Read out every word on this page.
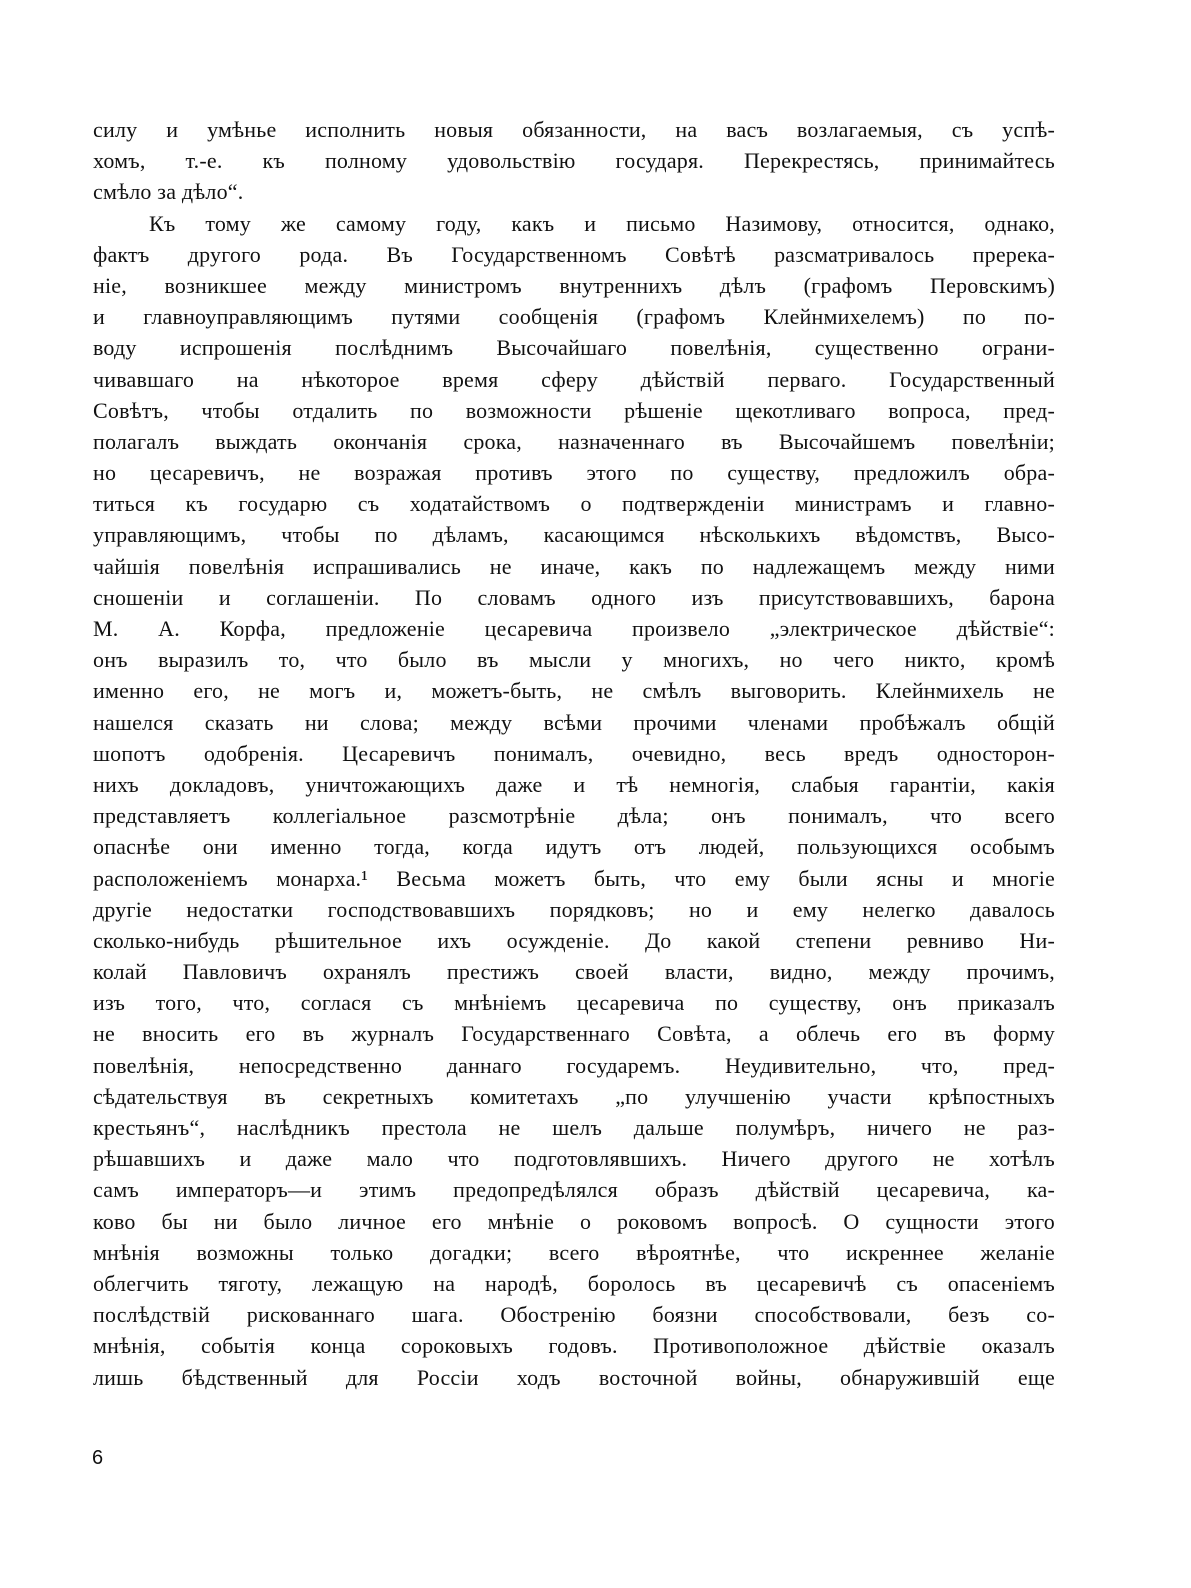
силу и умѣнье исполнить новыя обязанности, на васъ возлагаемыя, съ успѣ-
хомъ, т.-е. къ полному удовольствію государя. Перекрестясь, принимайтесь
смѣло за дѣло“.
Къ тому же самому году, какъ и письмо Назимову, относится, однако,
фактъ другого рода. Въ Государственномъ Совѣтѣ разсматривалось пререка-
ніе, возникшее между министромъ внутреннихъ дѣлъ (графомъ Перовскимъ)
и главноуправляющимъ путями сообщенія (графомъ Клейнмихелемъ) по по-
воду испрошенія послѣднимъ Высочайшаго повелѣнія, существенно ограни-
чивавшаго на нѣкоторое время сферу дѣйствій перваго. Государственный
Совѣтъ, чтобы отдалить по возможности рѣшеніе щекотливаго вопроса, пред-
полагалъ выждать окончанія срока, назначеннаго въ Высочайшемъ повелѣніи;
но цесаревичъ, не возражая противъ этого по существу, предложилъ обра-
титься къ государю съ ходатайствомъ о подтвержденіи министрамъ и главно-
управляющимъ, чтобы по дѣламъ, касающимся нѣсколькихъ вѣдомствъ, Высо-
чайшія повелѣнія испрашивались не иначе, какъ по надлежащемъ между ними
сношеніи и соглашеніи. По словамъ одного изъ присутствовавшихъ, барона
М. А. Корфа, предложеніе цесаревича произвело „электрическое дѣйствіе“:
онъ выразилъ то, что было въ мысли у многихъ, но чего никто, кромѣ
именно его, не могъ и, можетъ-быть, не смѣлъ выговорить. Клейнмихель не
нашелся сказать ни слова; между всѣми прочими членами пробѣжалъ общій
шопотъ одобренія. Цесаревичъ понималъ, очевидно, весь вредъ односторон-
нихъ докладовъ, уничтожающихъ даже и тѣ немногія, слабыя гарантіи, какія
представляетъ коллегіальное разсмотрѣніе дѣла; онъ понималъ, что всего
опаснѣе они именно тогда, когда идутъ отъ людей, пользующихся особымъ
расположеніемъ монарха.¹ Весьма можетъ быть, что ему были ясны и многіе
другіе недостатки господствовавшихъ порядковъ; но и ему нелегко давалось
сколько-нибудь рѣшительное ихъ осужденіе. До какой степени ревниво Ни-
колай Павловичъ охранялъ престижъ своей власти, видно, между прочимъ,
изъ того, что, соглася съ мнѣніемъ цесаревича по существу, онъ приказалъ
не вносить его въ журналъ Государственнаго Совѣта, а облечь его въ форму
повелѣнія, непосредственно даннаго государемъ. Неудивительно, что, пред-
сѣдательствуя въ секретныхъ комитетахъ „по улучшенію участи крѣпостныхъ
крестьянъ“, наслѣдникъ престола не шелъ дальше полумѣръ, ничего не раз-
рѣшавшихъ и даже мало что подготовлявшихъ. Ничего другого не хотѣлъ
самъ императоръ—и этимъ предопредѣлялся образъ дѣйствій цесаревича, ка-
ково бы ни было личное его мнѣніе о роковомъ вопросѣ. О сущности этого
мнѣнія возможны только догадки; всего вѣроятнѣе, что искреннее желаніе
облегчить тяготу, лежащую на народѣ, боролось въ цесаревичѣ съ опасеніемъ
послѣдствій рискованнаго шага. Обостренію боязни способствовали, безъ со-
мнѣнія, событія конца сороковыхъ годовъ. Противоположное дѣйствіе оказалъ
лишь бѣдственный для Россіи ходъ восточной войны, обнаружившій еще
6
